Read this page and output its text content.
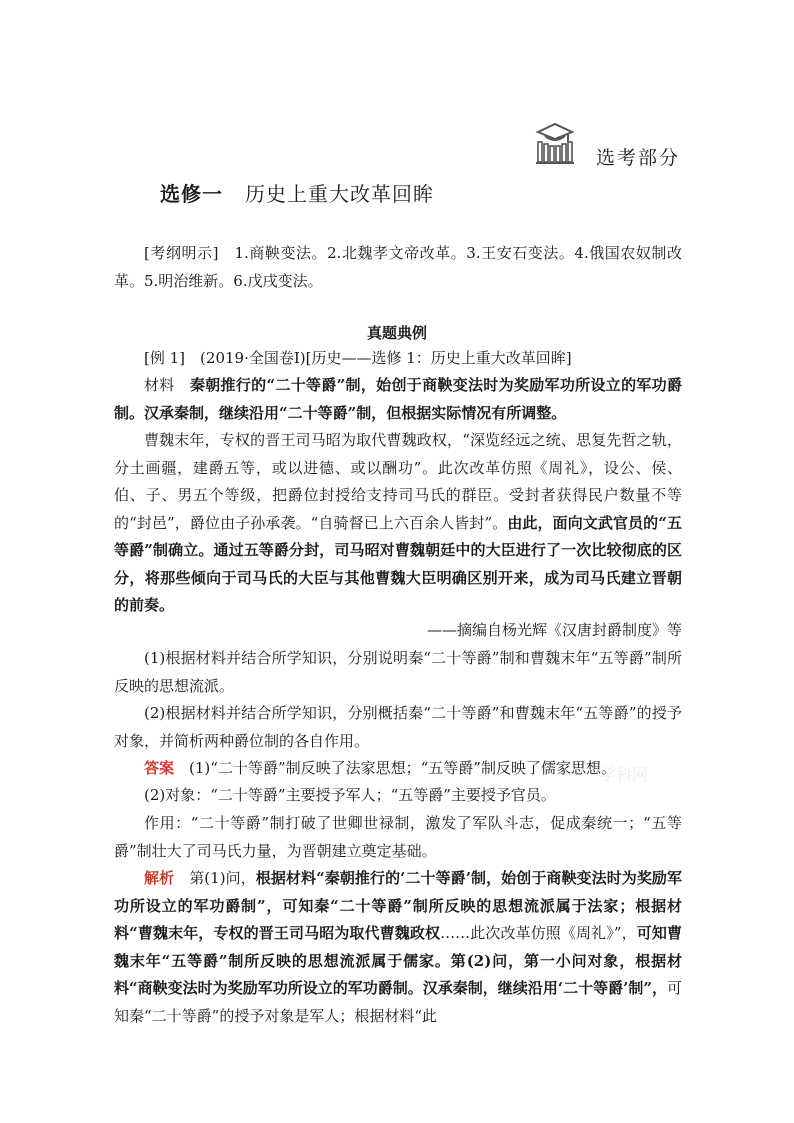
选考部分
选修一 历史上重大改革回眸
[考纲明示]　 1.商鞅变法。2.北魏孝文帝改革。3.王安石变法。4.俄国农奴制改革。5.明治维新。6.戊戌变法。
真题典例
[例 1]　 (2019·全国卷Ⅰ)[历史——选修 1：历史上重大改革回眸]

材料　 秦朝推行的“二十等爵”制，始创于商鞅变法时为奖励军功所设立的军功爵制。汉承秦制，继续沿用“二十等爵”制，但根据实际情况有所调整。

曹魏末年，专权的晋王司马昭为取代曹魏政权，“深览经远之统、思复先哲之轨，分土画疆，建爵五等，或以进德、或以酬功”。此次改革仿照《周礼》，设公、侯、伯、子、男五个等级，把爵位封授给支持司马氏的群臣。受封者获得民户数量不等的“封邑”，爵位由子孙承袭。“自骑督已上六百余人皆封”。由此，面向文武官员的“五等爵”制确立。通过五等爵分封，司马昭对曹魏朝廷中的大臣进行了一次比较彻底的区分，将那些倾向于司马氏的大臣与其他曹魏大臣明确区别开来，成为司马氏建立晋朝的前奏。

——摘编自杨光辉《汉唐封爵制度》等

(1)根据材料并结合所学知识，分别说明秦“二十等爵”制和曹魏末年“五等爵”制所反映的思想流派。

(2)根据材料并结合所学知识，分别概括秦“二十等爵”和曹魏末年“五等爵”的授予对象，并简析两种爵位制的各自作用。

答案　 (1)“二十等爵”制反映了法家思想；“五等爵”制反映了儒家思想。

(2)对象：“二十等爵”主要授予军人；“五等爵”主要授予官员。

作用：“二十等爵”制打破了世卿世禄制，激发了军队斗志，促成秦统一；“五等爵”制壮大了司马氏力量，为晋朝建立奠定基础。

解析　 第(1)问，根据材料“秦朝推行的‘二十等爵’制，始创于商鞅变法时为奖励军功所设立的军功爵制”，可知秦“二十等爵”制所反映的思想流派属于法家；根据材料“曹魏末年，专权的晋王司马昭为取代曹魏政权……此次改革仿照《周礼》”，可知曹魏末年“五等爵”制所反映的思想流派属于儒家。第(2)问，第一小问对象，根据材料“商鞅变法时为奖励军功所设立的军功爵制。汉承秦制，继续沿用‘二十等爵’制”，可知秦“二十等爵”的授予对象是军人；根据材料“此

学科网
